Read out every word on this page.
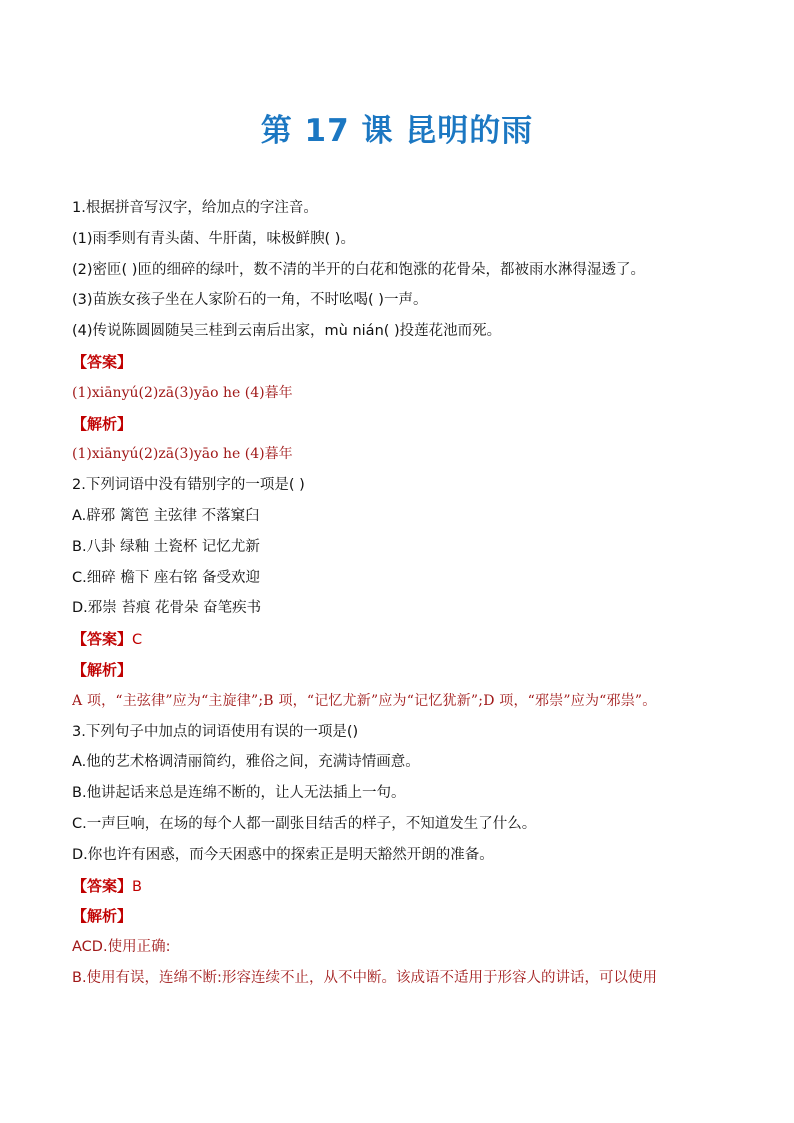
第 17 课 昆明的雨
1.根据拼音写汉字，给加点的字注音。
(1)雨季则有青头菌、牛肝菌，味极鲜腴( )。
(2)密匝( )匝的细碎的绿叶，数不清的半开的白花和饱涨的花骨朵，都被雨水淋得湿透了。
(3)苗族女孩子坐在人家阶石的一角，不时吆喝( )一声。
(4)传说陈圆圆随吴三桂到云南后出家，mù nián( )投莲花池而死。
【答案】
(1)xiānyú(2)zā(3)yāo he (4)暮年
【解析】
(1)xiānyú(2)zā(3)yāo he (4)暮年
2.下列词语中没有错别字的一项是( )
A.辟邪 篱笆 主弦律 不落窠臼
B.八卦 绿釉 土瓷杯 记忆尤新
C.细碎 檐下 座右铭 备受欢迎
D.邪崇 苔痕 花骨朵 奋笔疾书
【答案】C
【解析】
A 项，“主弦律”应为“主旋律”;B 项，“记忆尤新”应为“记忆犹新”;D 项，“邪崇”应为“邪祟”。
3.下列句子中加点的词语使用有误的一项是()
A.他的艺术格调清丽简约，雅俗之间，充满诗情画意。
B.他讲起话来总是连绵不断的，让人无法插上一句。
C.一声巨响，在场的每个人都一副张目结舌的样子，不知道发生了什么。
D.你也许有困惑，而今天困惑中的探索正是明天豁然开朗的准备。
【答案】B
【解析】
ACD.使用正确:
B.使用有误，连绵不断:形容连续不止，从不中断。该成语不适用于形容人的讲话，可以使用
